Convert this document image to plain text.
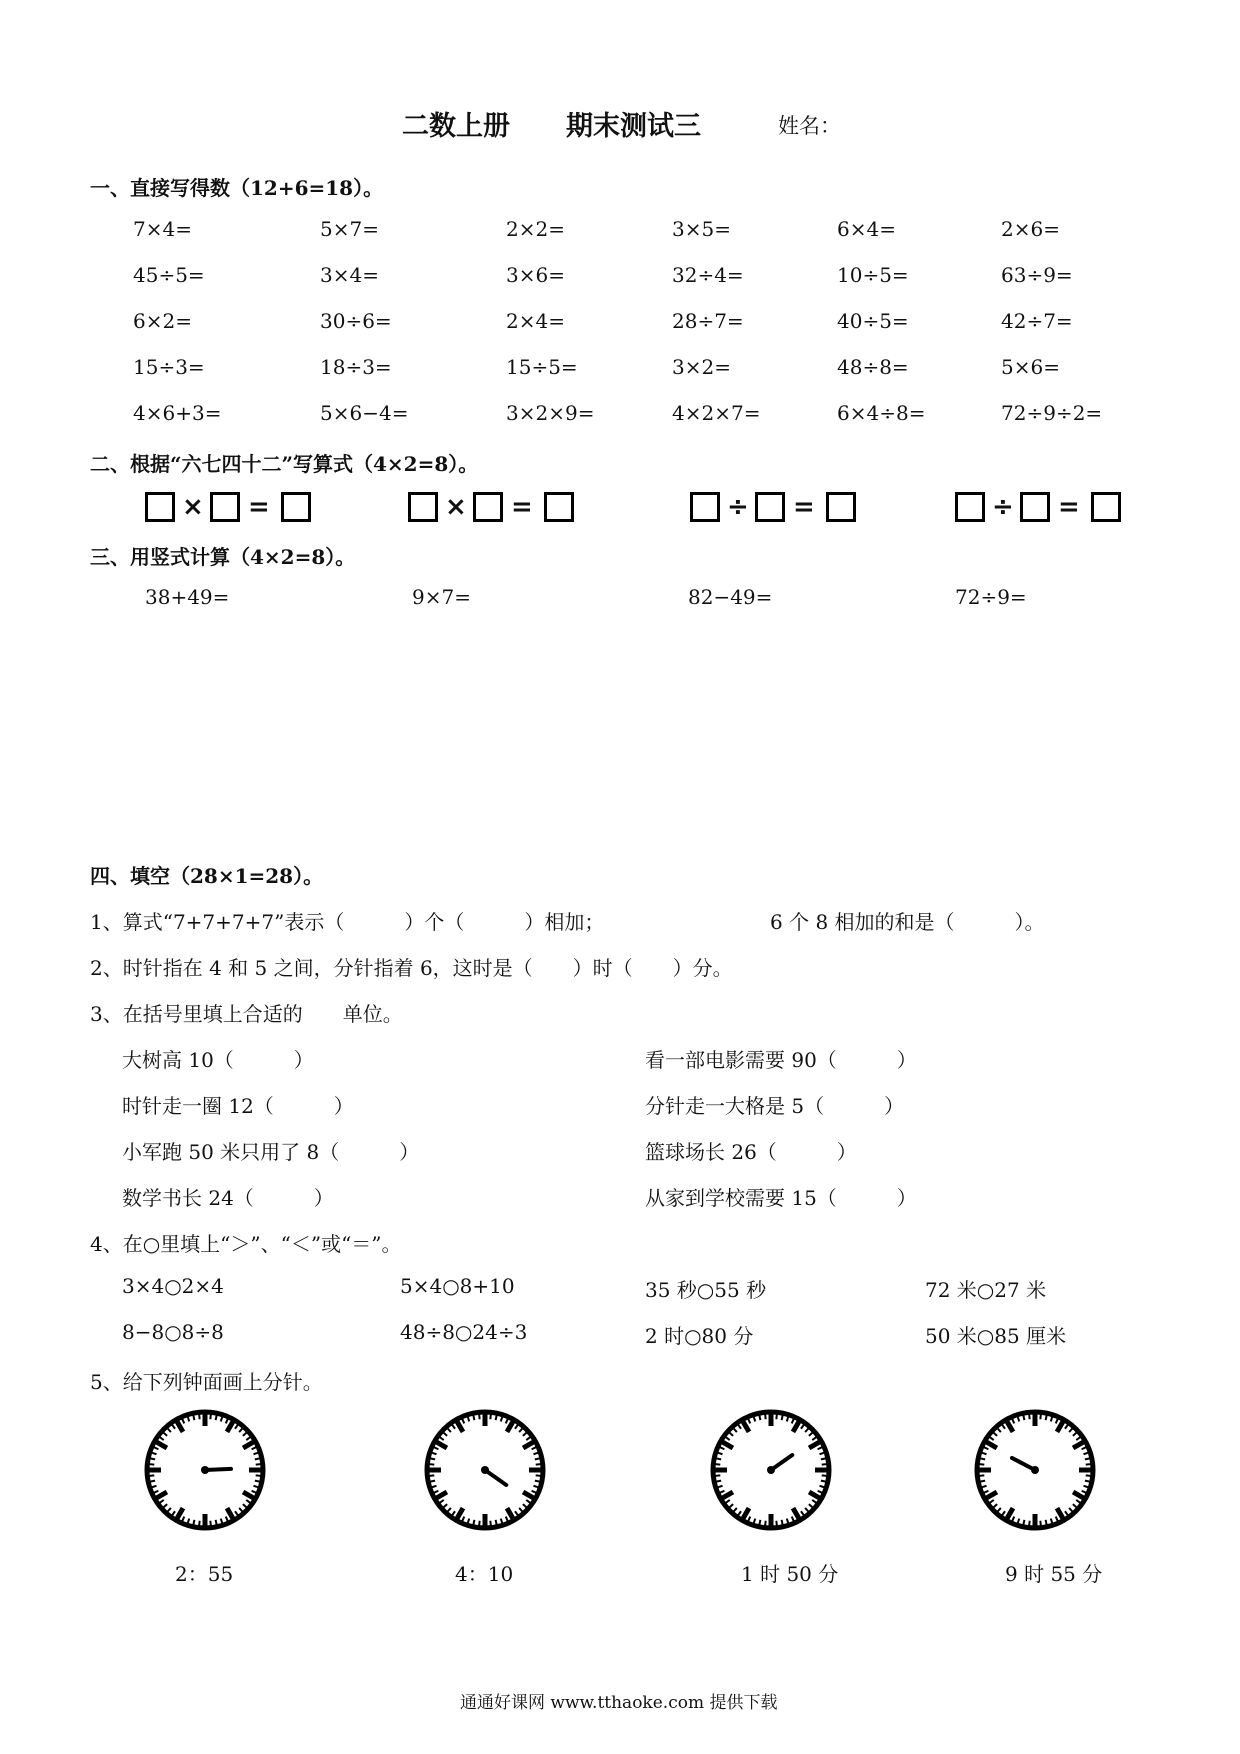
二数上册 期末测试三	姓名：
一、直接写得数（12+6=18）。
7×4=	5×7=	2×2=	3×5=	6×4=	2×6=
45÷5=	3×4=	3×6=	32÷4=	10÷5=	63÷9=
6×2=	30÷6=	2×4=	28÷7=	40÷5=	42÷7=
15÷3=	18÷3=	15÷5=	3×2=	48÷8=	5×6=
4×6+3=	5×6−4=	3×2×9=	4×2×7=	6×4÷8=	72÷9÷2=
二、根据“六七四十二”写算式（4×2=8）。
× =	× =	÷ =	÷ =
三、用竖式计算（4×2=8）。
38+49=	9×7=	82−49=	72÷9=
四、填空（28×1=28）。
1、算式“7+7+7+7”表示（　　　）个（　　　）相加；	6 个 8 相加的和是（　　　）。
2、时针指在 4 和 5 之间，分针指着 6，这时是（　　）时（　　）分。
3、在括号里填上合适的　　单位。
大树高 10（　　　）	看一部电影需要 90（　　　）
时针走一圈 12（　　　）	分针走一大格是 5（　　　）
小军跑 50 米只用了 8（　　　）	篮球场长 26（　　　）
数学书长 24（　　　）	从家到学校需要 15（　　　）
4、在○里填上“＞”、“＜”或“＝”。
3×4○2×4	5×4○8+10	35 秒○55 秒	72 米○27 米
8−8○8÷8	48÷8○24÷3	2 时○80 分	50 米○85 厘米
5、给下列钟面画上分针。
2：55	4：10	1 时 50 分	9 时 55 分
通通好课网 www.tthaoke.com 提供下载
